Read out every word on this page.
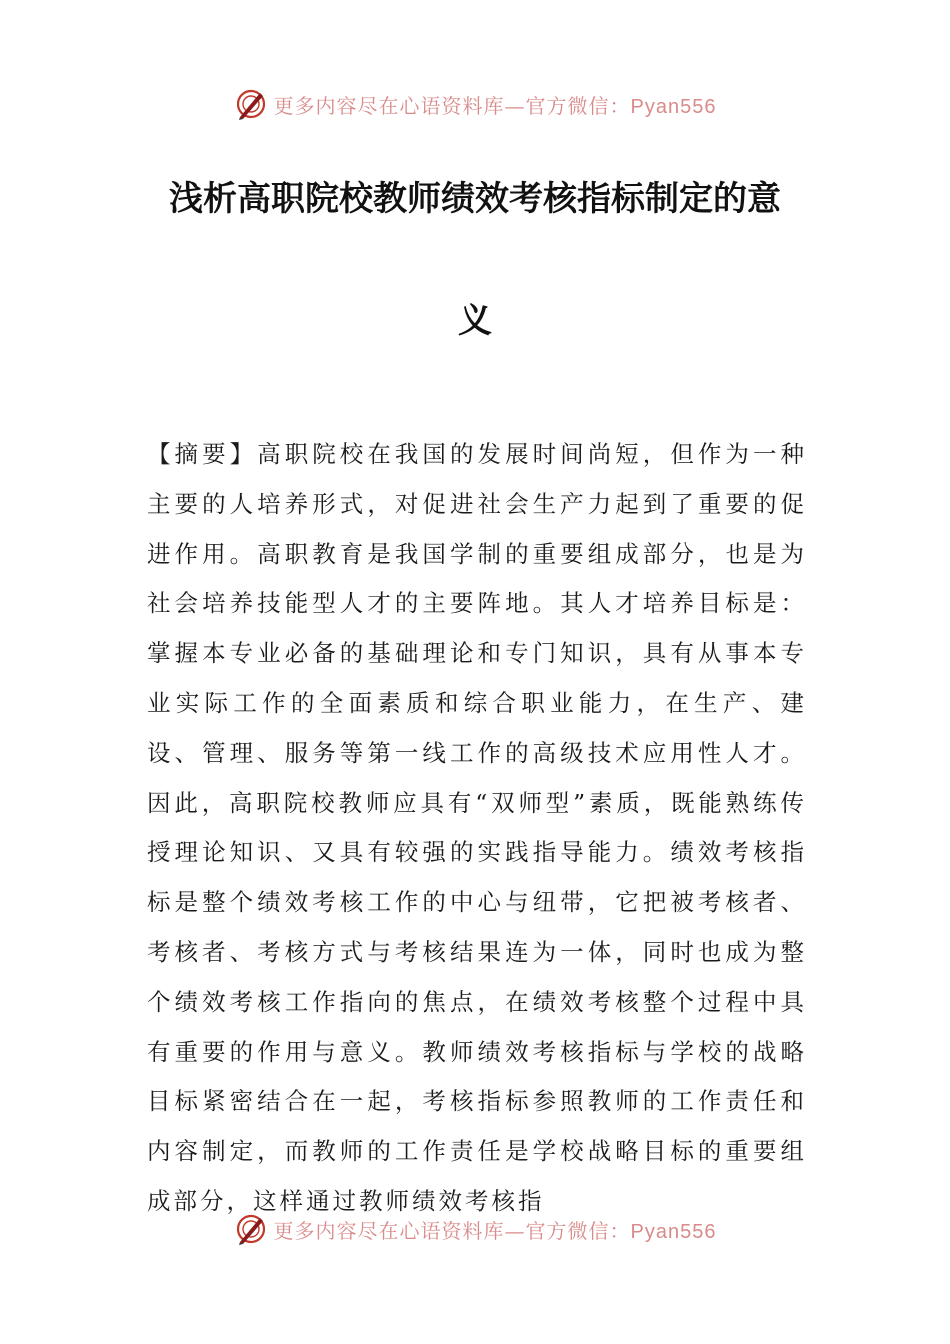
更多内容尽在心语资料库—官方微信：Pyan556
浅析高职院校教师绩效考核指标制定的意
义
【摘要】高职院校在我国的发展时间尚短，但作为一种主要的人培养形式，对促进社会生产力起到了重要的促进作用。高职教育是我国学制的重要组成部分，也是为社会培养技能型人才的主要阵地。其人才培养目标是：掌握本专业必备的基础理论和专门知识，具有从事本专业实际工作的全面素质和综合职业能力，在生产、建设、管理、服务等第一线工作的高级技术应用性人才。因此，高职院校教师应具有“双师型”素质，既能熟练传授理论知识、又具有较强的实践指导能力。绩效考核指标是整个绩效考核工作的中心与纽带，它把被考核者、考核者、考核方式与考核结果连为一体，同时也成为整个绩效考核工作指向的焦点，在绩效考核整个过程中具有重要的作用与意义。教师绩效考核指标与学校的战略目标紧密结合在一起，考核指标参照教师的工作责任和内容制定，而教师的工作责任是学校战略目标的重要组成部分，这样通过教师绩效考核指
更多内容尽在心语资料库—官方微信：Pyan556
